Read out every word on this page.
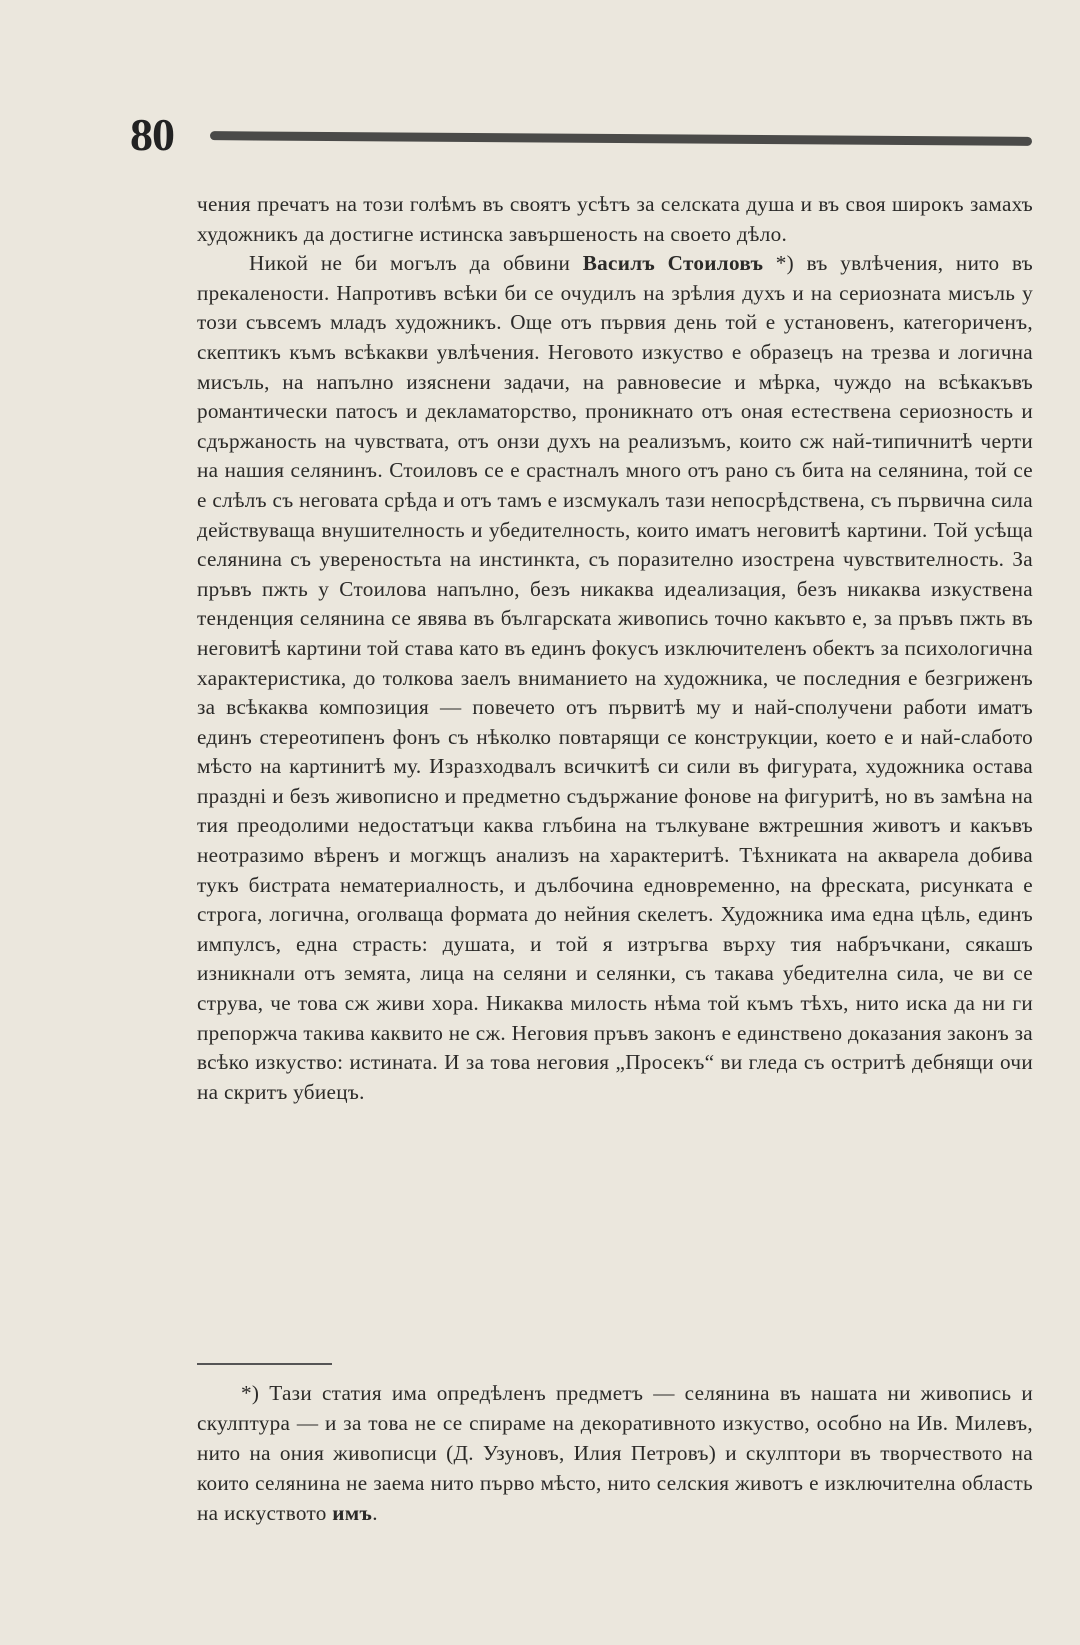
80

чения пречатъ на този голѣмъ въ своятъ усѣтъ за селската душа и въ своя широкъ замахъ художникъ да достигне истинска завършеность на своето дѣло.

Никой не би могълъ да обвини Василъ Стоиловъ *) въ увлѣчения, нито въ прекалености. Напротивъ всѣки би се очудилъ на зрѣлия духъ и на сериозната мисъль у този съвсемъ младъ художникъ. Още отъ първия день той е установенъ, категориченъ, скептикъ къмъ всѣкакви увлѣчения. Неговото изкуство е образецъ на трезва и логична мисъль, на напълно изяснени задачи, на равновесие и мѣрка, чуждо на всѣкакъвъ романтически патосъ и декламаторство, проникнато отъ оная естествена сериозность и сдържаность на чувствата, отъ онзи духъ на реализъмъ, които сж най-типичнитѣ черти на нашия селянинъ. Стоиловъ се е срастналъ много отъ рано съ бита на селянина, той се е слѣлъ съ неговата срѣда и отъ тамъ е изсмукалъ тази непосрѣдствена, съ първична сила действуваща внушителность и убедителность, които иматъ неговитѣ картини. Той усѣща селянина съ увереностьта на инстинкта, съ поразително изострена чувствителность. За пръвъ пжть у Стоилова напълно, безъ никаква идеализация, безъ никаква изкуствена тенденция селянина се явява въ българската живопись точно какъвто е, за пръвъ пжть въ неговитѣ картини той става като въ единъ фокусъ изключителенъ обектъ за психологична характеристика, до толкова заелъ вниманието на художника, че последния е безгриженъ за всѣкаква композиция — повечето отъ първитѣ му и най-сполучени работи иматъ единъ стереотипенъ фонъ съ нѣколко повтарящи се конструкции, което е и най-слабото мѣсто на картинитѣ му. Изразходвалъ всичкитѣ си сили въ фигурата, художника остава празднi и безъ живописно и предметно съдържание фонове на фигуритѣ, но въ замѣна на тия преодолими недостатъци каква глъбина на тълкуване вжтрешния животъ и какъвъ неотразимо вѣренъ и могжщъ анализъ на характеритѣ. Тѣхниката на акварела добива тукъ бистрата нематериалность, и дълбочина едновременно, на фреската, рисунката е строга, логична, оголваща формата до нейния скелетъ. Художника има една цѣль, единъ импулсъ, една страсть: душата, и той я изтръгва върху тия набръчкани, сякашъ изникнали отъ земята, лица на селяни и селянки, съ такава убедителна сила, че ви се струва, че това сж живи хора. Никаква милость нѣма той къмъ тѣхъ, нито иска да ни ги препоржча такива каквито не сж. Неговия пръвъ законъ е единствено доказания законъ за всѣко изкуство: истината. И за това неговия „Просекъ“ ви гледа съ остритѣ дебнящи очи на скритъ убиецъ.

*) Тази статия има опредѣленъ предметъ — селянина въ нашата ни живопись и скулптура — и за това не се спираме на декоративното изкуство, особно на Ив. Милевъ, нито на ония живописци (Д. Узуновъ, Илия Петровъ) и скулптори въ творчеството на които селянина не заема нито първо мѣсто, нито селския животъ е изключителна область на искуството имъ.
